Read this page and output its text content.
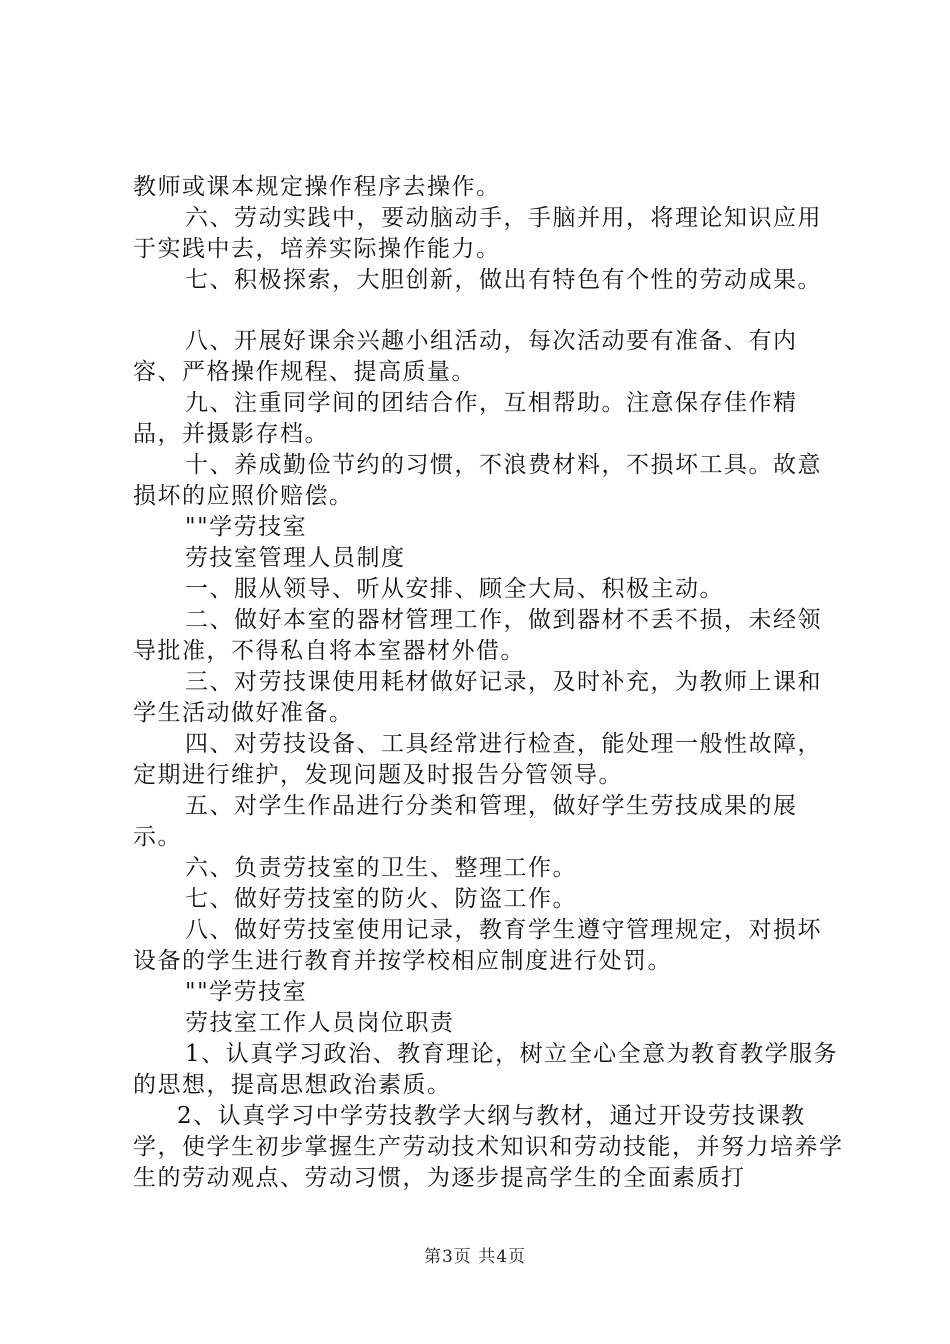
教师或课本规定操作程序去操作。

六、劳动实践中，要动脑动手，手脑并用，将理论知识应用于实践中去，培养实际操作能力。

七、积极探索，大胆创新，做出有特色有个性的劳动成果。

八、开展好课余兴趣小组活动，每次活动要有准备、有内容、严格操作规程、提高质量。

九、注重同学间的团结合作，互相帮助。注意保存佳作精品，并摄影存档。

十、养成勤俭节约的习惯，不浪费材料，不损坏工具。故意损坏的应照价赔偿。

""学劳技室

劳技室管理人员制度

一、服从领导、听从安排、顾全大局、积极主动。

二、做好本室的器材管理工作，做到器材不丢不损，未经领导批准，不得私自将本室器材外借。

三、对劳技课使用耗材做好记录，及时补充，为教师上课和学生活动做好准备。

四、对劳技设备、工具经常进行检查，能处理一般性故障，定期进行维护，发现问题及时报告分管领导。

五、对学生作品进行分类和管理，做好学生劳技成果的展示。

六、负责劳技室的卫生、整理工作。

七、做好劳技室的防火、防盗工作。

八、做好劳技室使用记录，教育学生遵守管理规定，对损坏设备的学生进行教育并按学校相应制度进行处罚。

""学劳技室

劳技室工作人员岗位职责

1、认真学习政治、教育理论，树立全心全意为教育教学服务的思想，提高思想政治素质。

2、认真学习中学劳技教学大纲与教材，通过开设劳技课教学，使学生初步掌握生产劳动技术知识和劳动技能，并努力培养学生的劳动观点、劳动习惯，为逐步提高学生的全面素质打

第3页 共4页
